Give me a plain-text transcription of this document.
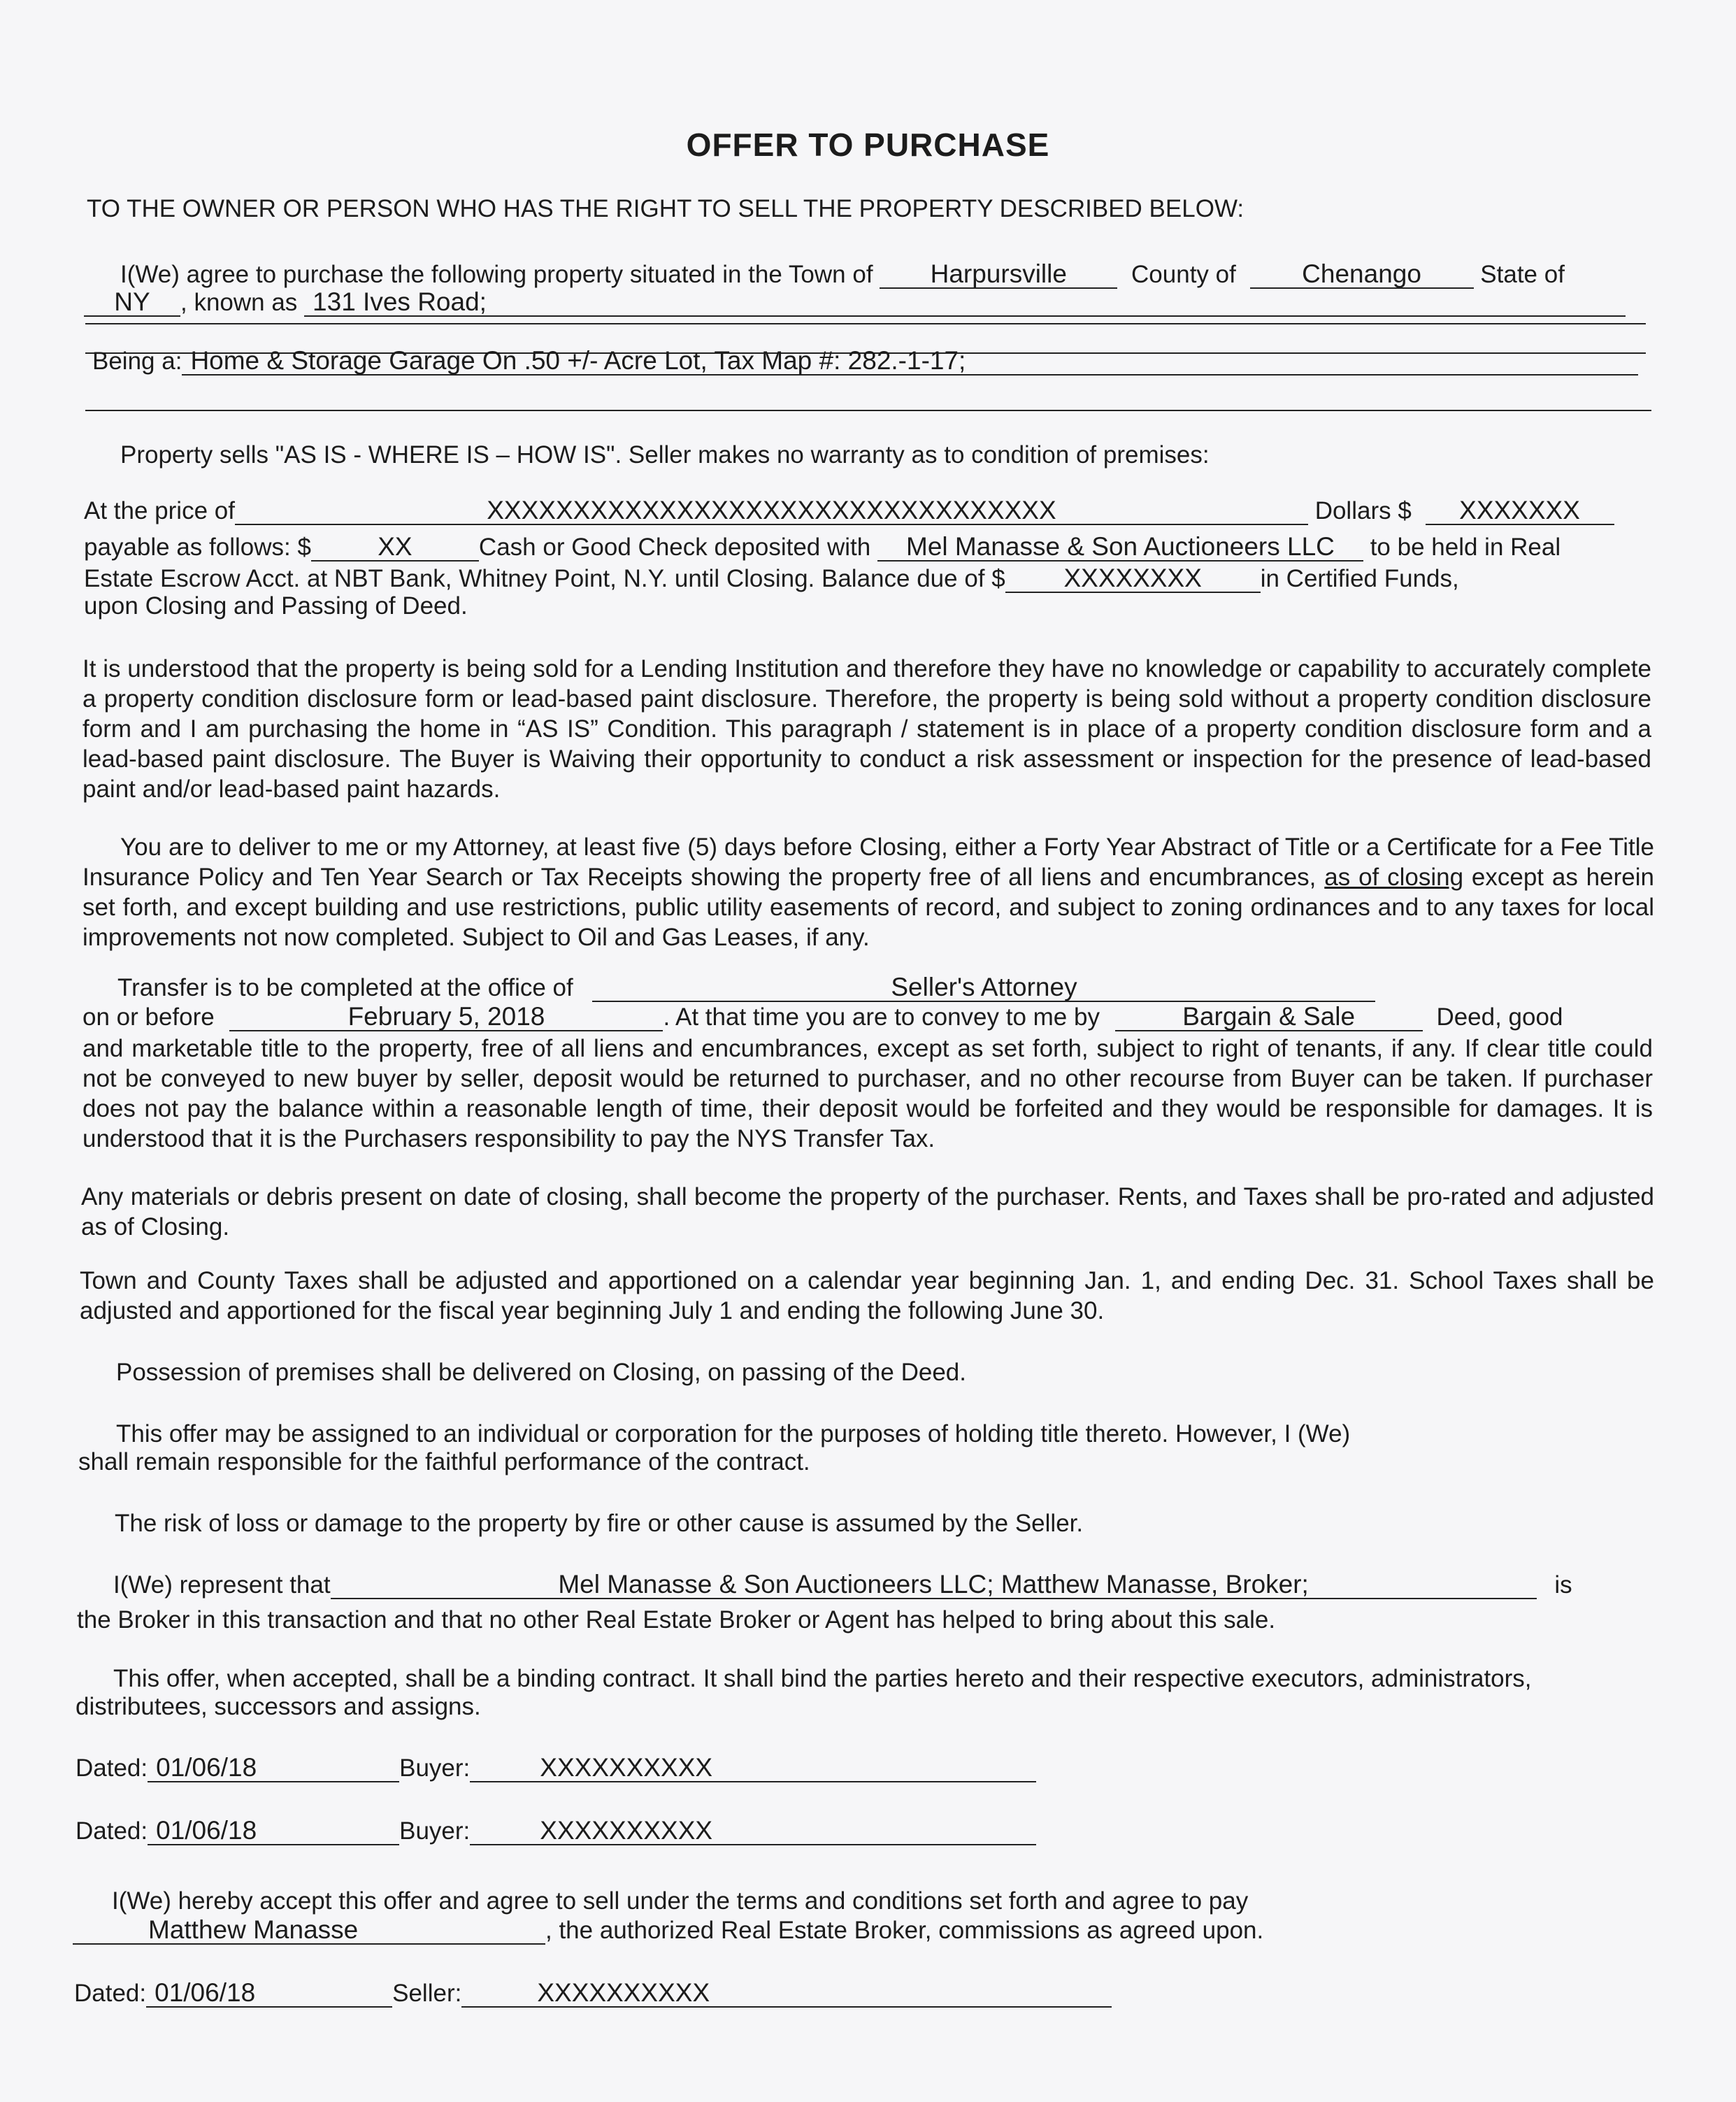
OFFER TO PURCHASE
TO THE OWNER OR PERSON WHO HAS THE RIGHT TO SELL THE PROPERTY DESCRIBED BELOW:
I(We) agree to purchase the following property situated in the Town of Harpursville	County of	Chenango State of
NY , known as 131 Ives Road;
Being a: Home & Storage Garage On .50 +/- Acre Lot, Tax Map #: 282.-1-17;
Property sells "AS IS - WHERE IS – HOW IS". Seller makes no warranty as to condition of premises:
At the price of	XXXXXXXXXXXXXXXXXXXXXXXXXXXXXXXXX	Dollars $ XXXXXXX
payable as follows: $	XX	Cash or Good Check deposited with Mel Manasse & Son Auctioneers LLC to be held in Real
Estate Escrow Acct. at NBT Bank, Whitney Point, N.Y. until Closing. Balance due of $ XXXXXXXX in Certified Funds,
upon Closing and Passing of Deed.

It is understood that the property is being sold for a Lending Institution and therefore they have no knowledge or capability to accurately complete a property condition disclosure form or lead-based paint disclosure. Therefore, the property is being sold without a property condition disclosure form and I am purchasing the home in “AS IS” Condition. This paragraph / statement is in place of a property condition disclosure form and a lead-based paint disclosure. The Buyer is Waiving their opportunity to conduct a risk assessment or inspection for the presence of lead-based paint and/or lead-based paint hazards.

You are to deliver to me or my Attorney, at least five (5) days before Closing, either a Forty Year Abstract of Title or a Certificate for a Fee Title Insurance Policy and Ten Year Search or Tax Receipts showing the property free of all liens and encumbrances, as of closing except as herein set forth, and except building and use restrictions, public utility easements of record, and subject to zoning ordinances and to any taxes for local improvements not now completed. Subject to Oil and Gas Leases, if any.

Transfer is to be completed at the office of	Seller's Attorney
on or before	February 5, 2018	. At that time you are to convey to me by	Bargain & Sale	Deed, good

and marketable title to the property, free of all liens and encumbrances, except as set forth, subject to right of tenants, if any. If clear title could not be conveyed to new buyer by seller, deposit would be returned to purchaser, and no other recourse from Buyer can be taken. If purchaser does not pay the balance within a reasonable length of time, their deposit would be forfeited and they would be responsible for damages. It is understood that it is the Purchasers responsibility to pay the NYS Transfer Tax.

Any materials or debris present on date of closing, shall become the property of the purchaser. Rents, and Taxes shall be pro-rated and adjusted as of Closing.

Town and County Taxes shall be adjusted and apportioned on a calendar year beginning Jan. 1, and ending Dec. 31. School Taxes shall be adjusted and apportioned for the fiscal year beginning July 1 and ending the following June 30.

Possession of premises shall be delivered on Closing, on passing of the Deed.
This offer may be assigned to an individual or corporation for the purposes of holding title thereto. However, I (We)
shall remain responsible for the faithful performance of the contract.
The risk of loss or damage to the property by fire or other cause is assumed by the Seller.
I(We) represent that	Mel Manasse & Son Auctioneers LLC; Matthew Manasse, Broker;	is
the Broker in this transaction and that no other Real Estate Broker or Agent has helped to bring about this sale.
This offer, when accepted, shall be a binding contract. It shall bind the parties hereto and their respective executors, administrators,
distributees, successors and assigns.
Dated: 01/06/18	Buyer:	XXXXXXXXXX
Dated: 01/06/18	Buyer:	XXXXXXXXXX
I(We) hereby accept this offer and agree to sell under the terms and conditions set forth and agree to pay
Matthew Manasse	, the authorized Real Estate Broker, commissions as agreed upon.
Dated: 01/06/18	Seller:	XXXXXXXXXX
